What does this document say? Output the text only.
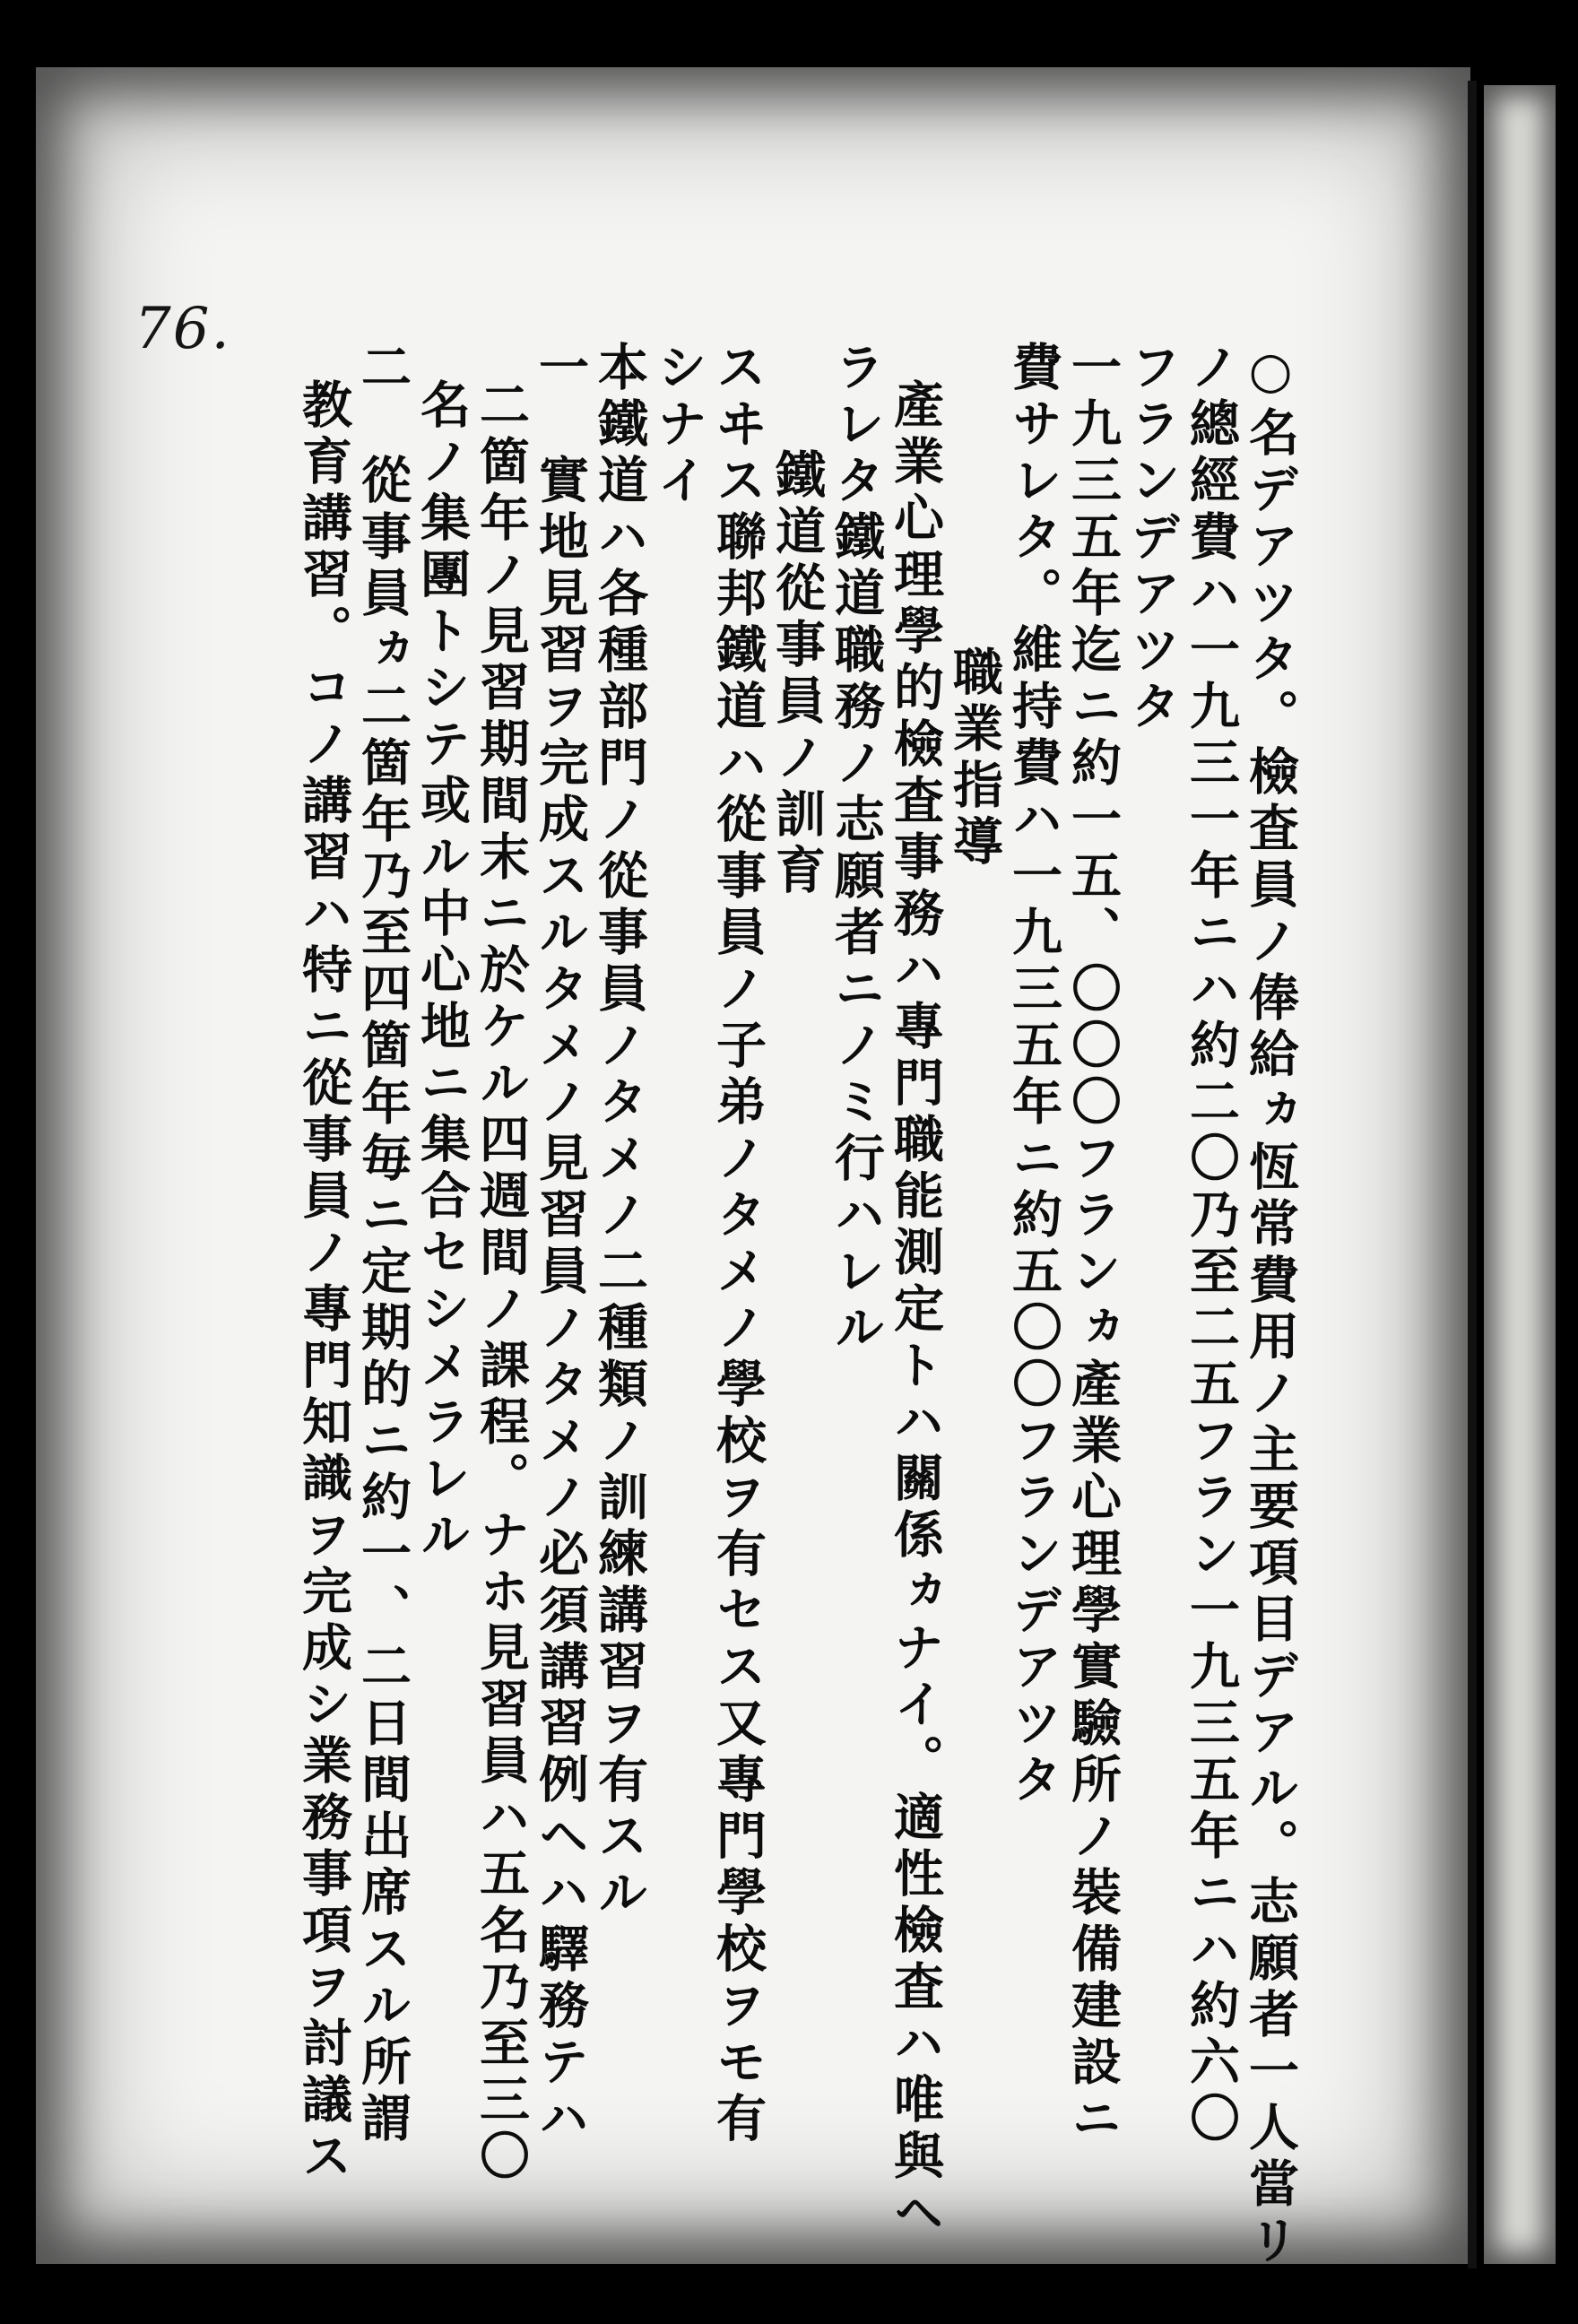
76.

○名デアツタ。檢査員ノ俸給ヵ恆常費用ノ主要項目デアル。志願者一人當リ

ノ總經費ハ一九三一年ニハ約二〇乃至二五フラン一九三五年ニハ約六〇

フランデアツタ

一九三五年迄ニ約一五、〇〇〇フランヵ產業心理學實驗所ノ裝備建設ニ

費サレタ。維持費ハ一九三五年ニ約五〇〇フランデアツタ

職業指導

產業心理學的檢査事務ハ專門職能測定トハ關係ヵナイ。適性檢査ハ唯與ヘ

ラレタ鐵道職務ノ志願者ニノミ行ハレル

鐵道從事員ノ訓育

スヰス聯邦鐵道ハ從事員ノ子弟ノタメノ學校ヲ有セス又專門學校ヲモ有

シナイ

本鐵道ハ各種部門ノ從事員ノタメノ二種類ノ訓練講習ヲ有スル

一　實地見習ヲ完成スルタメノ見習員ノタメノ必須講習例ヘハ驛務テハ

二箇年ノ見習期間末ニ於ケル四週間ノ課程。ナホ見習員ハ五名乃至三〇

名ノ集團トシテ或ル中心地ニ集合セシメラレル

二　從事員ヵ二箇年乃至四箇年毎ニ定期的ニ約一、二日間出席スル所謂

教育講習。コノ講習ハ特ニ從事員ノ專門知識ヲ完成シ業務事項ヲ討議ス
